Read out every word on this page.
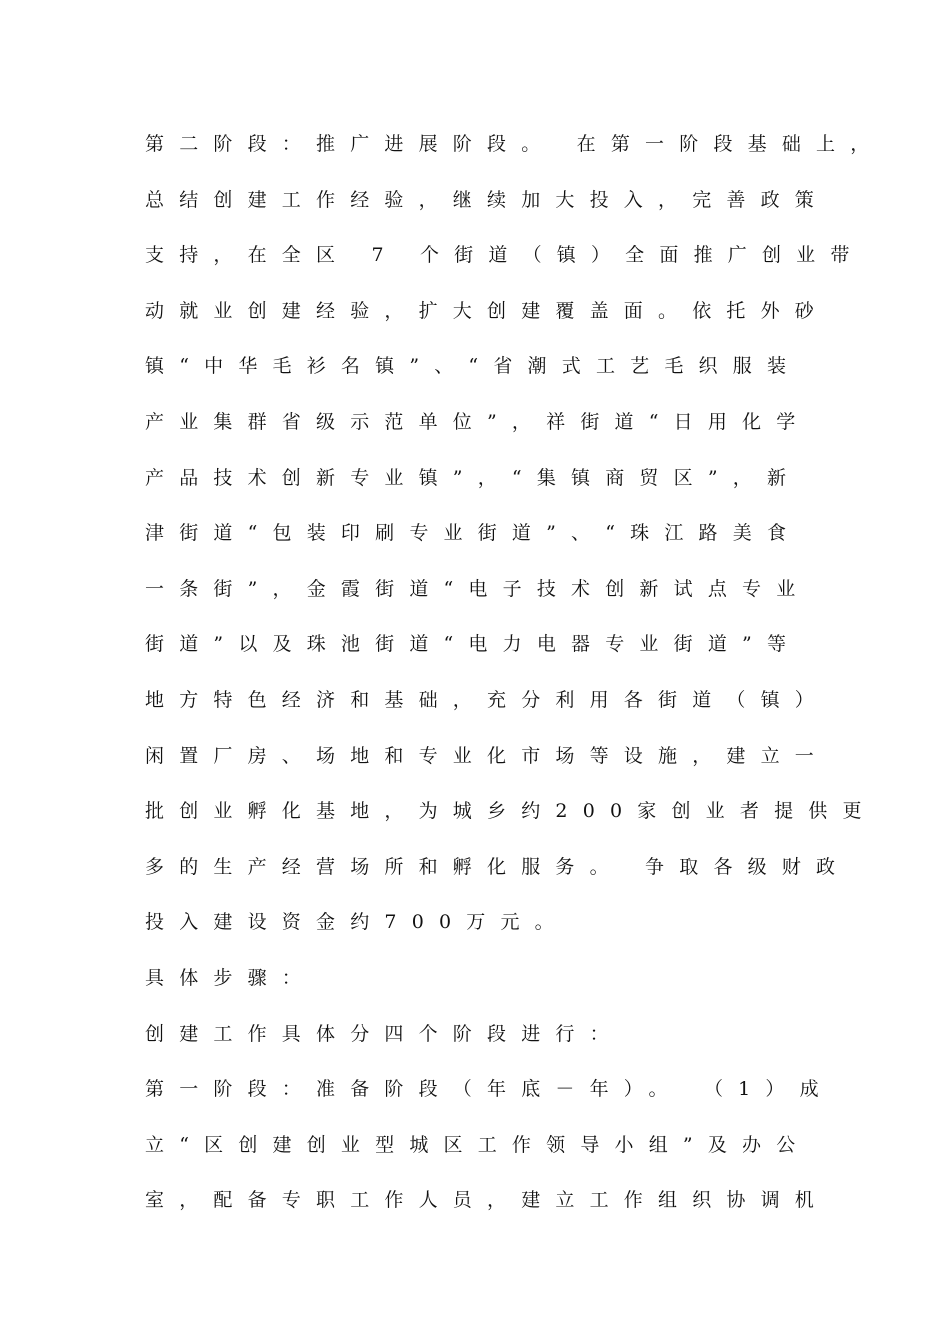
第二阶段：推广进展阶段。 在第一阶段基础上，
总结创建工作经验，继续加大投入，完善政策
支持，在全区 7 个街道（镇）全面推广创业带
动就业创建经验，扩大创建覆盖面。依托外砂
镇“中华毛衫名镇”、“省潮式工艺毛织服装
产业集群省级示范单位”，祥街道“日用化学
产品技术创新专业镇”，“集镇商贸区”，新
津街道“包装印刷专业街道”、“珠江路美食
一条街”，金霞街道“电子技术创新试点专业
街道”以及珠池街道“电力电器专业街道”等
地方特色经济和基础，充分利用各街道（镇）
闲置厂房、场地和专业化市场等设施，建立一
批创业孵化基地，为城乡约200家创业者提供更
多的生产经营场所和孵化服务。 争取各级财政
投入建设资金约700万元。
具体步骤：
创建工作具体分四个阶段进行：
第一阶段：准备阶段（年底－年）。 （1）成
立“区创建创业型城区工作领导小组”及办公
室，配备专职工作人员，建立工作组织协调机
